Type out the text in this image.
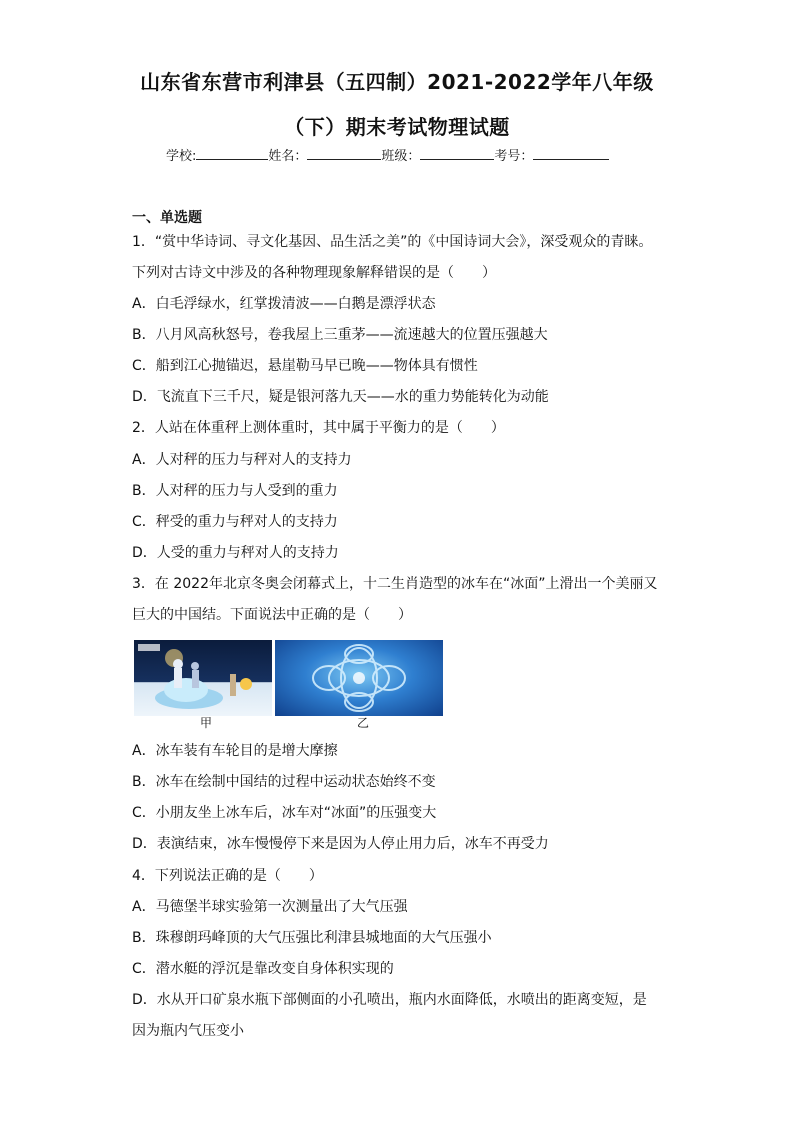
山东省东营市利津县（五四制）2021-2022学年八年级
（下）期末考试物理试题
学校:	姓名：	班级：	考号：
一、单选题
1．“赏中华诗词、寻文化基因、品生活之美”的《中国诗词大会》，深受观众的青睐。
下列对古诗文中涉及的各种物理现象解释错误的是（　　）
A．白毛浮绿水，红掌拨清波——白鹅是漂浮状态
B．八月风高秋怒号，卷我屋上三重茅——流速越大的位置压强越大
C．船到江心抛锚迟，悬崖勒马早已晚——物体具有惯性
D．飞流直下三千尺，疑是银河落九天——水的重力势能转化为动能
2．人站在体重秤上测体重时，其中属于平衡力的是（　　）
A．人对秤的压力与秤对人的支持力
B．人对秤的压力与人受到的重力
C．秤受的重力与秤对人的支持力
D．人受的重力与秤对人的支持力
3．在 2022年北京冬奥会闭幕式上，十二生肖造型的冰车在“冰面”上滑出一个美丽又
巨大的中国结。下面说法中正确的是（　　）
甲	乙
A．冰车装有车轮目的是增大摩擦
B．冰车在绘制中国结的过程中运动状态始终不变
C．小朋友坐上冰车后，冰车对“冰面”的压强变大
D．表演结束，冰车慢慢停下来是因为人停止用力后，冰车不再受力
4．下列说法正确的是（　　）
A．马德堡半球实验第一次测量出了大气压强
B．珠穆朗玛峰顶的大气压强比利津县城地面的大气压强小
C．潜水艇的浮沉是靠改变自身体积实现的
D．水从开口矿泉水瓶下部侧面的小孔喷出，瓶内水面降低，水喷出的距离变短，是
因为瓶内气压变小
